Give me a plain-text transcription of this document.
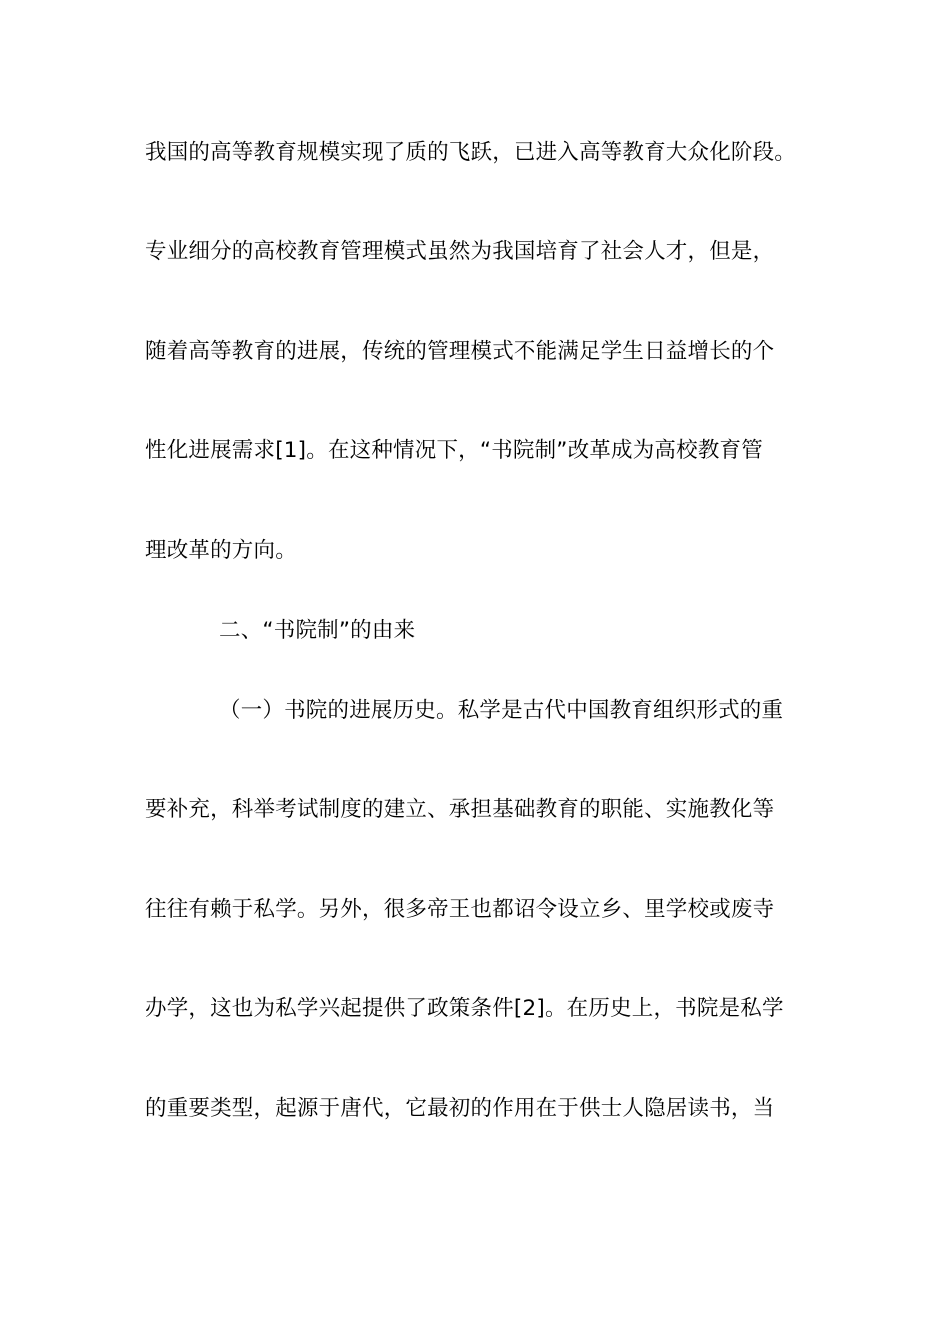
我国的高等教育规模实现了质的飞跃，已进入高等教育大众化阶段。
专业细分的高校教育管理模式虽然为我国培育了社会人才，但是，
随着高等教育的进展，传统的管理模式不能满足学生日益增长的个
性化进展需求[1]。在这种情况下，“书院制”改革成为高校教育管
理改革的方向。
二、“书院制”的由来
（一）书院的进展历史。私学是古代中国教育组织形式的重
要补充，科举考试制度的建立、承担基础教育的职能、实施教化等
往往有赖于私学。另外，很多帝王也都诏令设立乡、里学校或废寺
办学，这也为私学兴起提供了政策条件[2]。在历史上，书院是私学
的重要类型，起源于唐代，它最初的作用在于供士人隐居读书，当
